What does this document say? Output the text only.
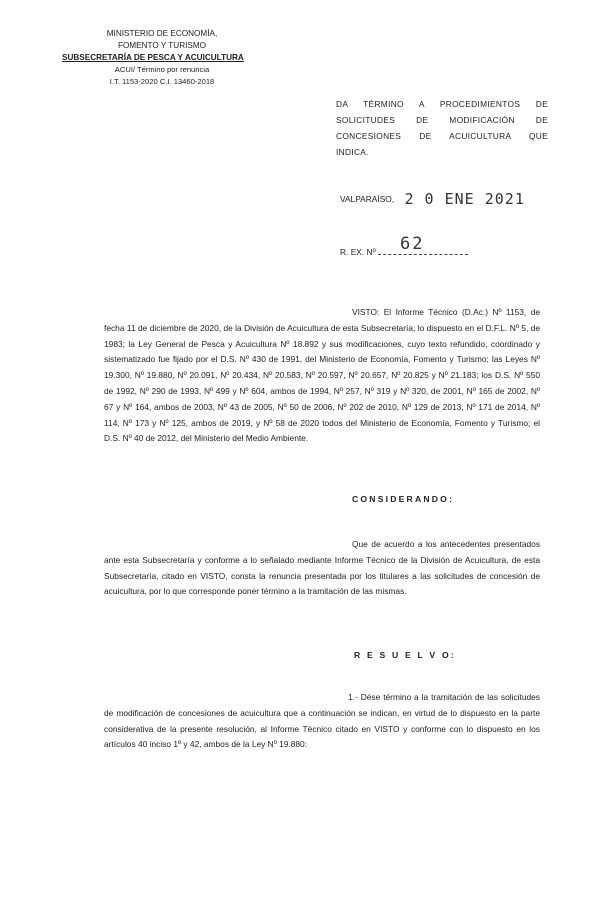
MINISTERIO DE ECONOMÍA,
FOMENTO Y TURISMO
SUBSECRETARÍA DE PESCA Y ACUICULTURA
ACUI/ Término por renuncia
I.T. 1153-2020 C.I. 13460-2018
DA TÉRMINO A PROCEDIMIENTOS DE
SOLICITUDES DE MODIFICACIÓN DE
CONCESIONES DE ACUICULTURA QUE
INDICA.
VALPARAÍSO, 2 0 ENE 2021
R. EX. Nº 62
VISTO: El Informe Técnico (D.Ac.) Nº 1153, de fecha 11 de diciembre de 2020, de la División de Acuicultura de esta Subsecretaría; lo dispuesto en el D.F.L. Nº 5, de 1983; la Ley General de Pesca y Acuicultura Nº 18.892 y sus modificaciones, cuyo texto refundido, coordinado y sistematizado fue fijado por el D.S. Nº 430 de 1991, del Ministerio de Economía, Fomento y Turismo; las Leyes Nº 19.300, Nº 19.880, Nº 20.091, Nº 20.434, Nº 20.583, Nº 20.597, Nº 20.657, Nº 20.825 y Nº 21.183; los D.S. Nº 550 de 1992, Nº 290 de 1993, Nº 499 y Nº 604, ambos de 1994, Nº 257, Nº 319 y Nº 320, de 2001, Nº 165 de 2002, Nº 67 y Nº 164, ambos de 2003, Nº 43 de 2005, Nº 50 de 2006, Nº 202 de 2010, Nº 129 de 2013, Nº 171 de 2014, Nº 114, Nº 173 y Nº 125, ambos de 2019, y Nº 58 de 2020 todos del Ministerio de Economía, Fomento y Turismo; el D.S. Nº 40 de 2012, del Ministerio del Medio Ambiente.
CONSIDERANDO:
Que de acuerdo a los antecedentes presentados ante esta Subsecretaría y conforme a lo señalado mediante Informe Técnico de la División de Acuicultura, de esta Subsecretaría, citado en VISTO, consta la renuncia presentada por los titulares a las solicitudes de concesión de acuicultura, por lo que corresponde poner término a la tramitación de las mismas.
R E S U E L V O:
1.- Dése término a la tramitación de las solicitudes de modificación de concesiones de acuicultura que a continuación se indican, en virtud de lo dispuesto en la parte considerativa de la presente resolución, al Informe Técnico citado en VISTO y conforme con lo dispuesto en los artículos 40 inciso 1º y 42, ambos de la Ley Nº 19.880:
